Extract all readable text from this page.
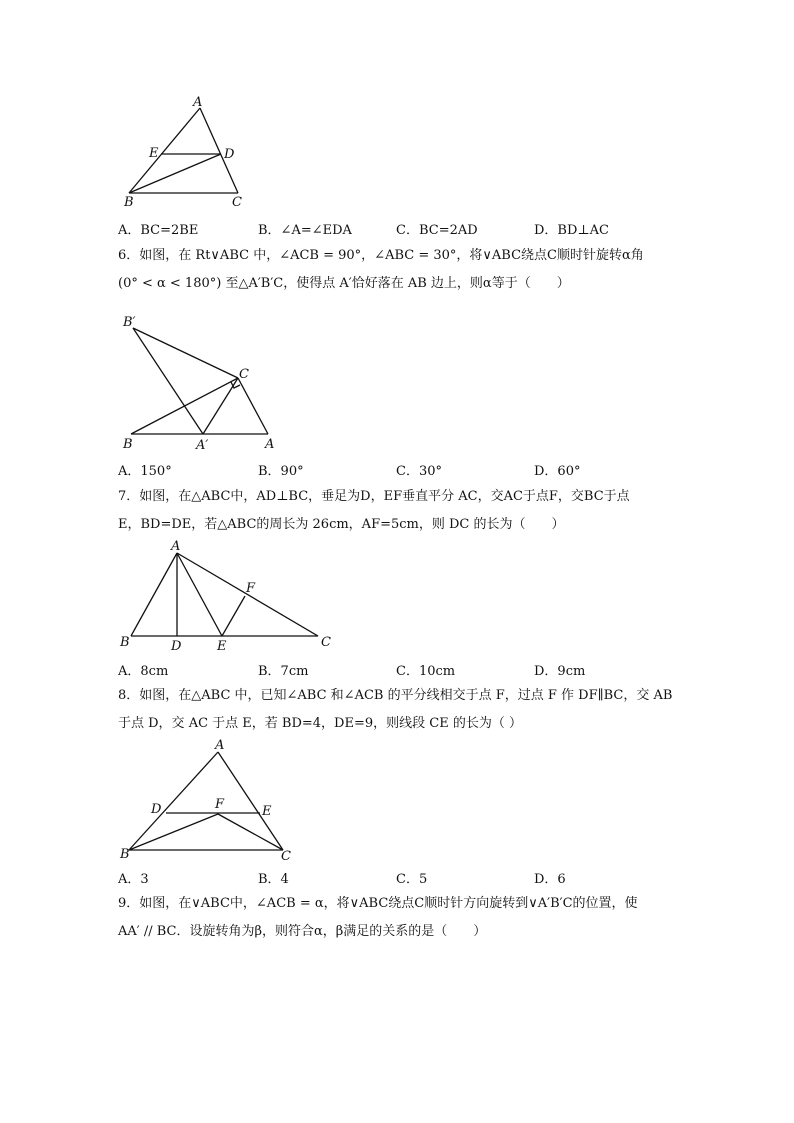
A
E	D
B	C
A．BC=2BE	B．∠A=∠EDA	C．BC=2AD	D．BD⊥AC
6．如图，在 Rt∨ABC 中，∠ACB = 90°，∠ABC = 30°，将∨ABC绕点C顺时针旋转α角
(0° < α < 180°) 至△A′B′C，使得点 A′恰好落在 AB 边上，则α等于（　　）
B′
C
B	A′	A
A．150°	B．90°	C．30°	D．60°
7．如图，在△ABC中，AD⊥BC，垂足为D，EF垂直平分 AC，交AC于点F，交BC于点
E，BD=DE，若△ABC的周长为 26cm，AF=5cm，则 DC 的长为（　　）
A
F
B	D	E	C
A．8cm	B．7cm	C．10cm	D．9cm
8．如图，在△ABC 中，已知∠ABC 和∠ACB 的平分线相交于点 F，过点 F 作 DF∥BC，交 AB
于点 D，交 AC 于点 E，若 BD=4，DE=9，则线段 CE 的长为（ ）
A
D	F	E
B	C
A．3	B．4	C．5	D．6
9．如图，在∨ABC中，∠ACB = α，将∨ABC绕点C顺时针方向旋转到∨A′B′C的位置，使
AA′ // BC．设旋转角为β，则符合α，β满足的关系的是（　　）
